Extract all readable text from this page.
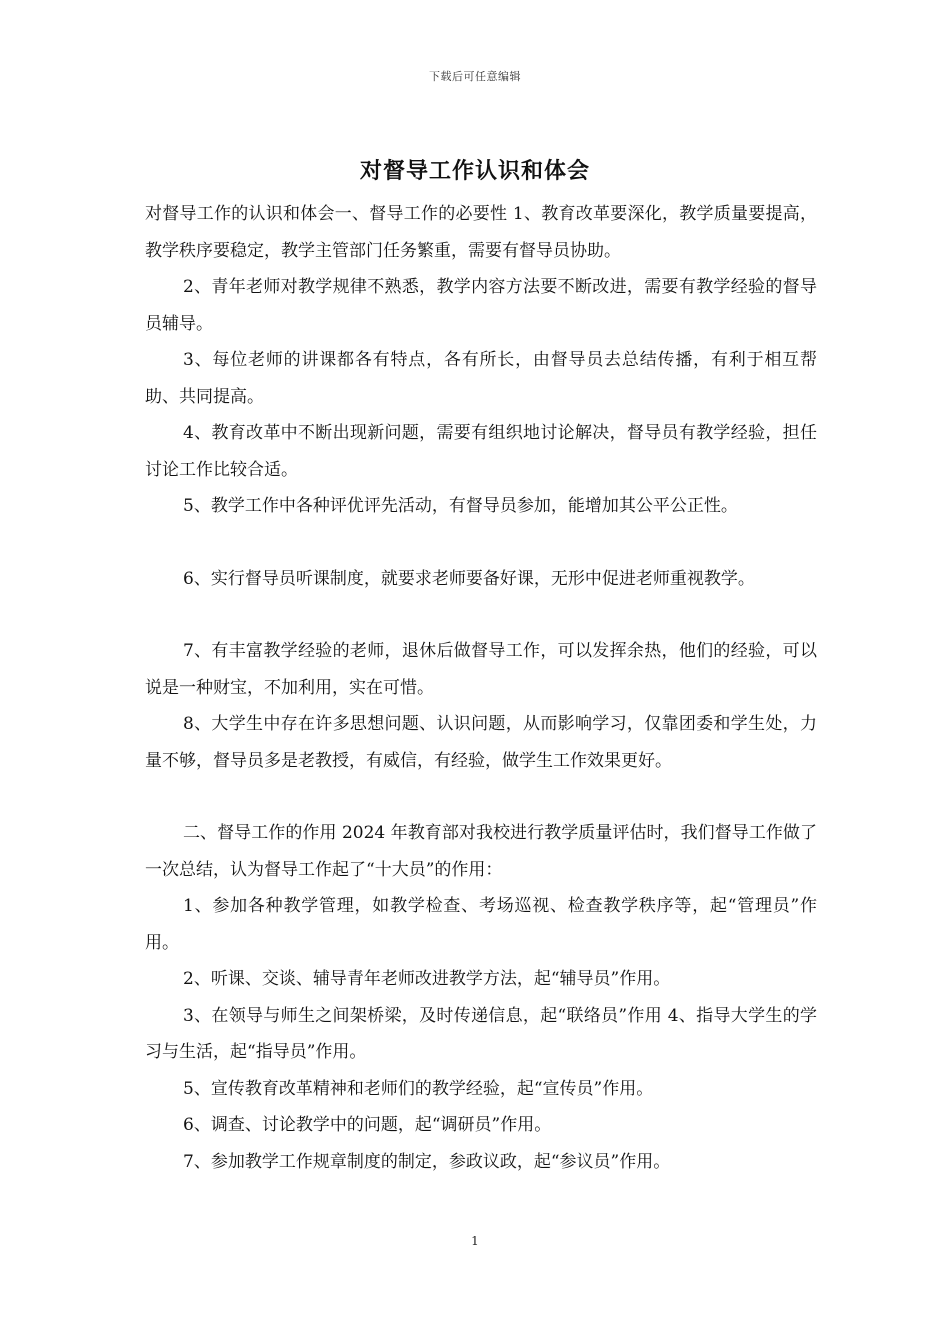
下载后可任意编辑
对督导工作认识和体会

对督导工作的认识和体会一、督导工作的必要性 1、教育改革要深化，教学质量要提高，教学秩序要稳定，教学主管部门任务繁重，需要有督导员协助。

2、青年老师对教学规律不熟悉，教学内容方法要不断改进，需要有教学经验的督导员辅导。

3、每位老师的讲课都各有特点，各有所长，由督导员去总结传播，有利于相互帮助、共同提高。

4、教育改革中不断出现新问题，需要有组织地讨论解决，督导员有教学经验，担任讨论工作比较合适。

5、教学工作中各种评优评先活动，有督导员参加，能增加其公平公正性。

6、实行督导员听课制度，就要求老师要备好课，无形中促进老师重视教学。

7、有丰富教学经验的老师，退休后做督导工作，可以发挥余热，他们的经验，可以说是一种财宝，不加利用，实在可惜。

8、大学生中存在许多思想问题、认识问题，从而影响学习，仅靠团委和学生处，力量不够，督导员多是老教授，有威信，有经验，做学生工作效果更好。

二、督导工作的作用 2024 年教育部对我校进行教学质量评估时，我们督导工作做了一次总结，认为督导工作起了“十大员”的作用：

1、参加各种教学管理，如教学检查、考场巡视、检查教学秩序等，起“管理员”作用。

2、听课、交谈、辅导青年老师改进教学方法，起“辅导员”作用。

3、在领导与师生之间架桥梁，及时传递信息，起“联络员”作用 4、指导大学生的学习与生活，起“指导员”作用。

5、宣传教育改革精神和老师们的教学经验，起“宣传员”作用。

6、调查、讨论教学中的问题，起“调研员”作用。

7、参加教学工作规章制度的制定，参政议政，起“参议员”作用。

1
